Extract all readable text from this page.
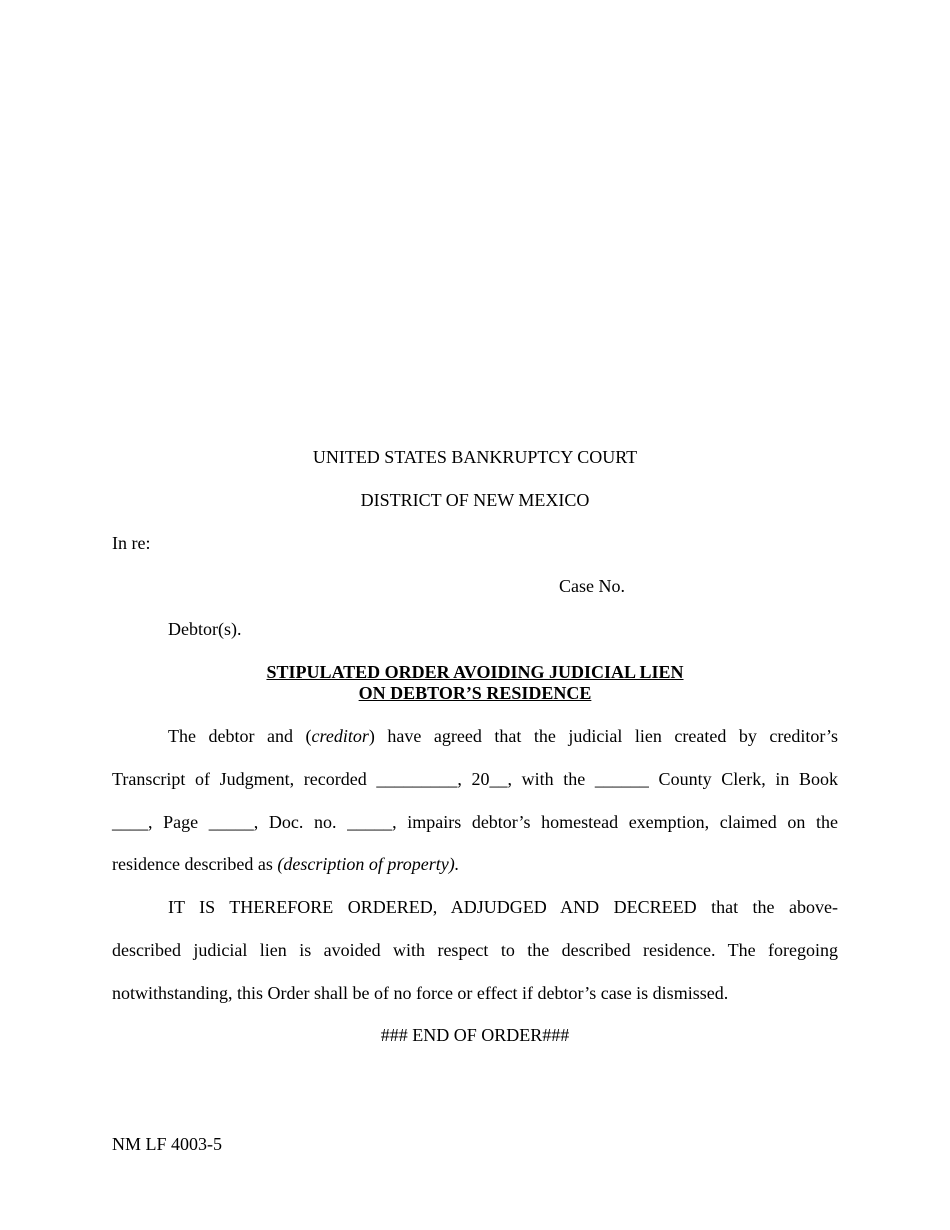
UNITED STATES BANKRUPTCY COURT
DISTRICT OF NEW MEXICO
In re:
Case No.
Debtor(s).
STIPULATED ORDER AVOIDING JUDICIAL LIEN
ON DEBTOR’S RESIDENCE
The debtor and (creditor) have agreed that the judicial lien created by creditor’s
Transcript of Judgment, recorded _________, 20__, with the ______ County Clerk, in Book
____, Page _____, Doc. no. _____, impairs debtor’s homestead exemption, claimed on the
residence described as (description of property).
IT IS THEREFORE ORDERED, ADJUDGED AND DECREED that the above-
described judicial lien is avoided with respect to the described residence. The foregoing
notwithstanding, this Order shall be of no force or effect if debtor’s case is dismissed.
### END OF ORDER###
NM LF 4003-5
